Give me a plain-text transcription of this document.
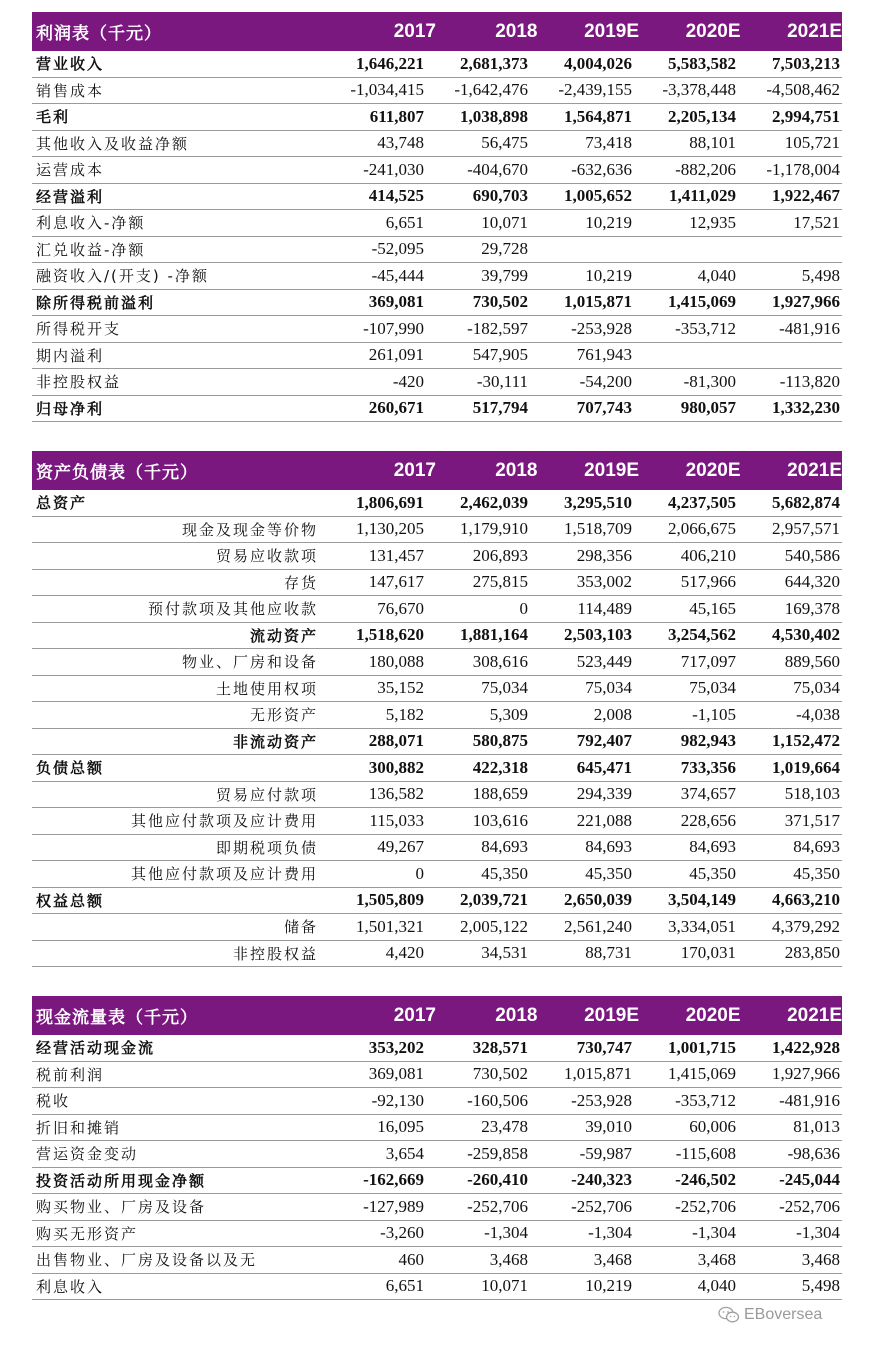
利润表（千元）	2017	2018	2019E	2020E	2021E
营业收入	1,646,221	2,681,373	4,004,026	5,583,582	7,503,213
销售成本	-1,034,415	-1,642,476	-2,439,155	-3,378,448	-4,508,462
毛利	611,807	1,038,898	1,564,871	2,205,134	2,994,751
其他收入及收益净额	43,748	56,475	73,418	88,101	105,721
运营成本	-241,030	-404,670	-632,636	-882,206	-1,178,004
经营溢利	414,525	690,703	1,005,652	1,411,029	1,922,467
利息收入-净额	6,651	10,071	10,219	12,935	17,521
汇兑收益-净额	-52,095	29,728
融资收入/(开支) -净额	-45,444	39,799	10,219	4,040	5,498
除所得税前溢利	369,081	730,502	1,015,871	1,415,069	1,927,966
所得税开支	-107,990	-182,597	-253,928	-353,712	-481,916
期内溢利	261,091	547,905	761,943
非控股权益	-420	-30,111	-54,200	-81,300	-113,820
归母净利	260,671	517,794	707,743	980,057	1,332,230
资产负债表（千元）	2017	2018	2019E	2020E	2021E
总资产	1,806,691	2,462,039	3,295,510	4,237,505	5,682,874
现金及现金等价物	1,130,205	1,179,910	1,518,709	2,066,675	2,957,571
贸易应收款项	131,457	206,893	298,356	406,210	540,586
存货	147,617	275,815	353,002	517,966	644,320
预付款项及其他应收款	76,670	0	114,489	45,165	169,378
流动资产	1,518,620	1,881,164	2,503,103	3,254,562	4,530,402
物业、厂房和设备	180,088	308,616	523,449	717,097	889,560
土地使用权项	35,152	75,034	75,034	75,034	75,034
无形资产	5,182	5,309	2,008	-1,105	-4,038
非流动资产	288,071	580,875	792,407	982,943	1,152,472
负债总额	300,882	422,318	645,471	733,356	1,019,664
贸易应付款项	136,582	188,659	294,339	374,657	518,103
其他应付款项及应计费用	115,033	103,616	221,088	228,656	371,517
即期税项负债	49,267	84,693	84,693	84,693	84,693
其他应付款项及应计费用	0	45,350	45,350	45,350	45,350
权益总额	1,505,809	2,039,721	2,650,039	3,504,149	4,663,210
储备	1,501,321	2,005,122	2,561,240	3,334,051	4,379,292
非控股权益	4,420	34,531	88,731	170,031	283,850
现金流量表（千元）	2017	2018	2019E	2020E	2021E
经营活动现金流	353,202	328,571	730,747	1,001,715	1,422,928
税前利润	369,081	730,502	1,015,871	1,415,069	1,927,966
税收	-92,130	-160,506	-253,928	-353,712	-481,916
折旧和摊销	16,095	23,478	39,010	60,006	81,013
营运资金变动	3,654	-259,858	-59,987	-115,608	-98,636
投资活动所用现金净额	-162,669	-260,410	-240,323	-246,502	-245,044
购买物业、厂房及设备	-127,989	-252,706	-252,706	-252,706	-252,706
购买无形资产	-3,260	-1,304	-1,304	-1,304	-1,304
出售物业、厂房及设备以及无	460	3,468	3,468	3,468	3,468
利息收入	6,651	10,071	10,219	4,040	5,498
EBoversea
